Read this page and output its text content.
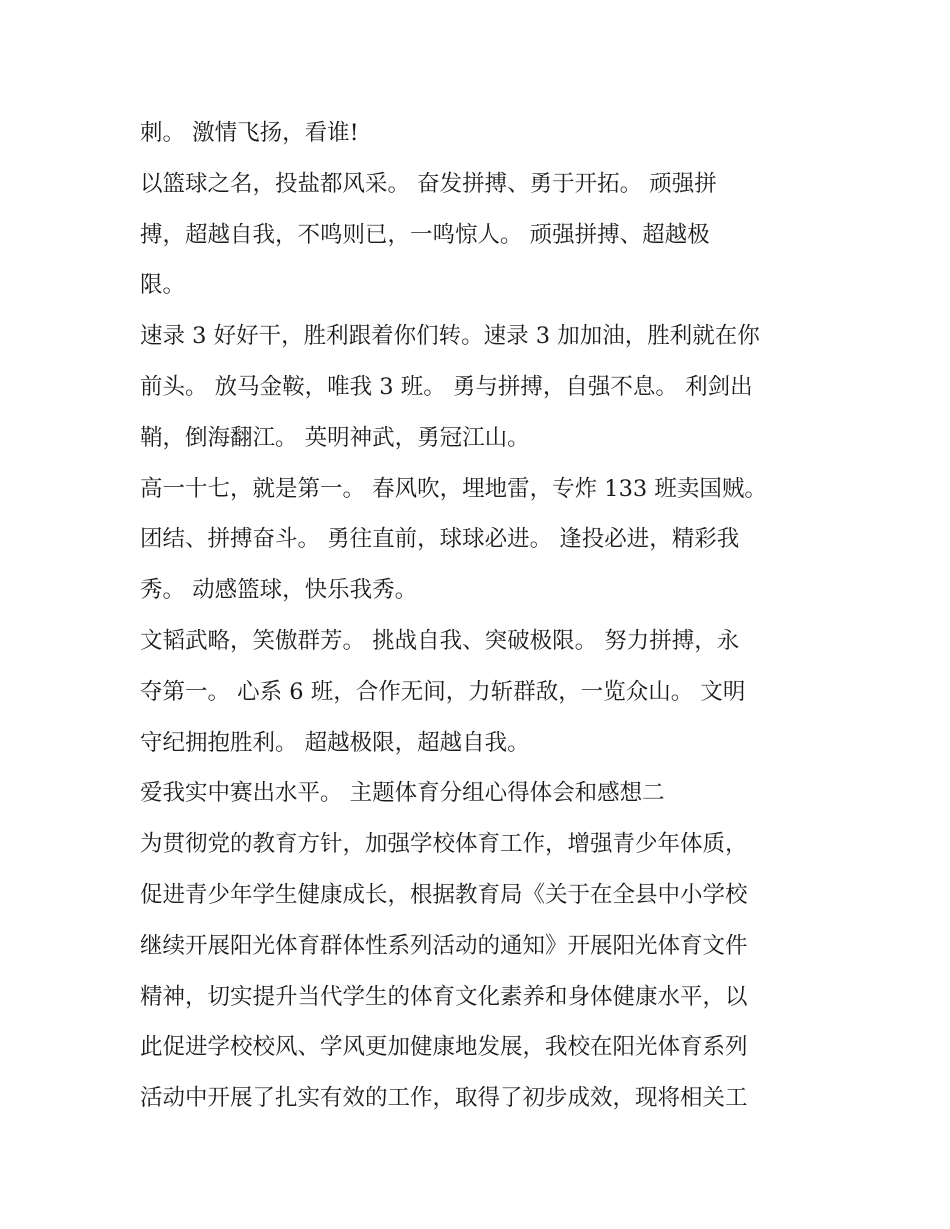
刺。 激情飞扬，看谁!
以篮球之名，投盐都风采。 奋发拼搏、勇于开拓。 顽强拼
搏，超越自我，不鸣则已，一鸣惊人。 顽强拼搏、超越极
限。
速录 3 好好干，胜利跟着你们转。速录 3 加加油，胜利就在你
前头。 放马金鞍，唯我 3 班。 勇与拼搏，自强不息。 利剑出
鞘，倒海翻江。 英明神武，勇冠江山。
高一十七，就是第一。 春风吹，埋地雷，专炸 133 班卖国贼。
团结、拼搏奋斗。 勇往直前，球球必进。 逢投必进，精彩我
秀。 动感篮球，快乐我秀。
文韬武略，笑傲群芳。 挑战自我、突破极限。 努力拼搏，永
夺第一。 心系 6 班，合作无间，力斩群敌，一览众山。 文明
守纪拥抱胜利。 超越极限，超越自我。
爱我实中赛出水平。 主题体育分组心得体会和感想二
为贯彻党的教育方针，加强学校体育工作，增强青少年体质，
促进青少年学生健康成长，根据教育局《关于在全县中小学校
继续开展阳光体育群体性系列活动的通知》开展阳光体育文件
精神，切实提升当代学生的体育文化素养和身体健康水平，以
此促进学校校风、学风更加健康地发展，我校在阳光体育系列
活动中开展了扎实有效的工作，取得了初步成效，现将相关工
